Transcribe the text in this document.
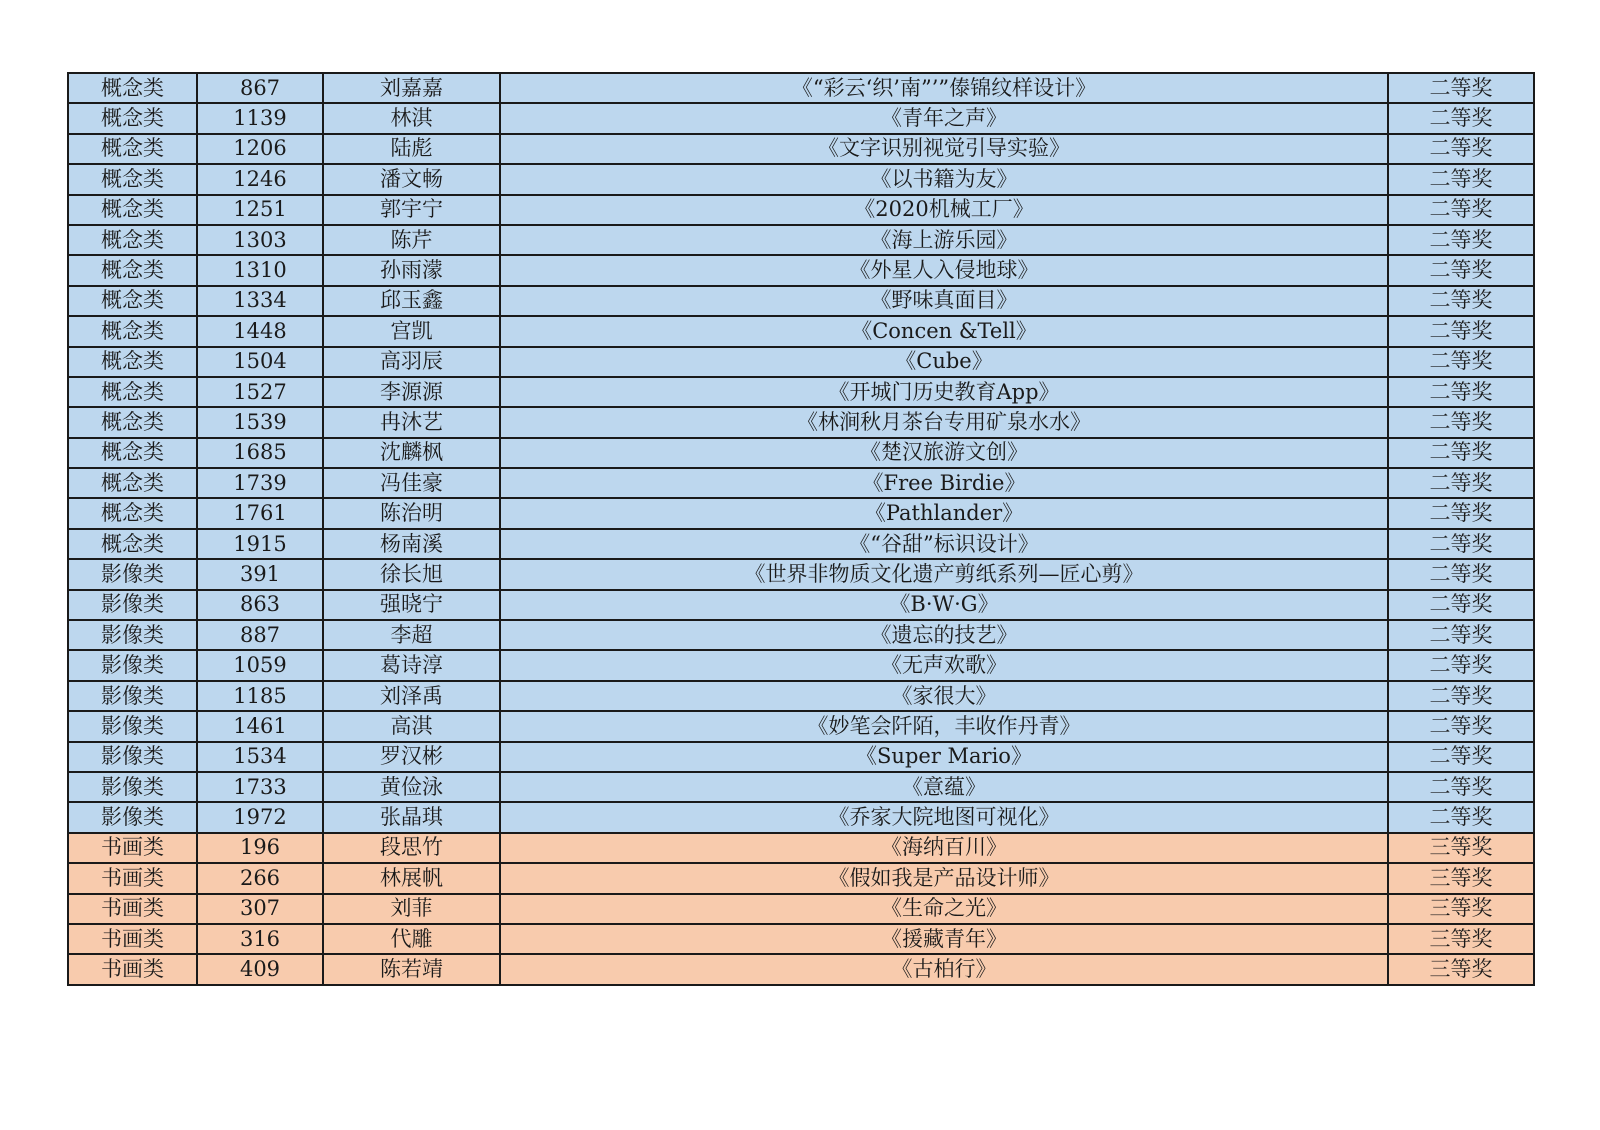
概念类	867	刘嘉嘉	《“彩云‘织’南”’”傣锦纹样设计》	二等奖
概念类	1139	林淇	《青年之声》	二等奖
概念类	1206	陆彪	《文字识别视觉引导实验》	二等奖
概念类	1246	潘文畅	《以书籍为友》	二等奖
概念类	1251	郭宇宁	《2020机械工厂》	二等奖
概念类	1303	陈芹	《海上游乐园》	二等奖
概念类	1310	孙雨濛	《外星人入侵地球》	二等奖
概念类	1334	邱玉鑫	《野味真面目》	二等奖
概念类	1448	宫凯	《Concen &Tell》	二等奖
概念类	1504	高羽辰	《Cube》	二等奖
概念类	1527	李源源	《开城门历史教育App》	二等奖
概念类	1539	冉沐艺	《林涧秋月茶台专用矿泉水水》	二等奖
概念类	1685	沈麟枫	《楚汉旅游文创》	二等奖
概念类	1739	冯佳豪	《Free Birdie》	二等奖
概念类	1761	陈治明	《Pathlander》	二等奖
概念类	1915	杨南溪	《“谷甜”标识设计》	二等奖
影像类	391	徐长旭	《世界非物质文化遗产剪纸系列—匠心剪》	二等奖
影像类	863	强晓宁	《B·W·G》	二等奖
影像类	887	李超	《遗忘的技艺》	二等奖
影像类	1059	葛诗淳	《无声欢歌》	二等奖
影像类	1185	刘泽禹	《家很大》	二等奖
影像类	1461	高淇	《妙笔会阡陌，丰收作丹青》	二等奖
影像类	1534	罗汉彬	《Super Mario》	二等奖
影像类	1733	黄俭泳	《意蕴》	二等奖
影像类	1972	张晶琪	《乔家大院地图可视化》	二等奖
书画类	196	段思竹	《海纳百川》	三等奖
书画类	266	林展帆	《假如我是产品设计师》	三等奖
书画类	307	刘菲	《生命之光》	三等奖
书画类	316	代雕	《援藏青年》	三等奖
书画类	409	陈若靖	《古柏行》	三等奖
